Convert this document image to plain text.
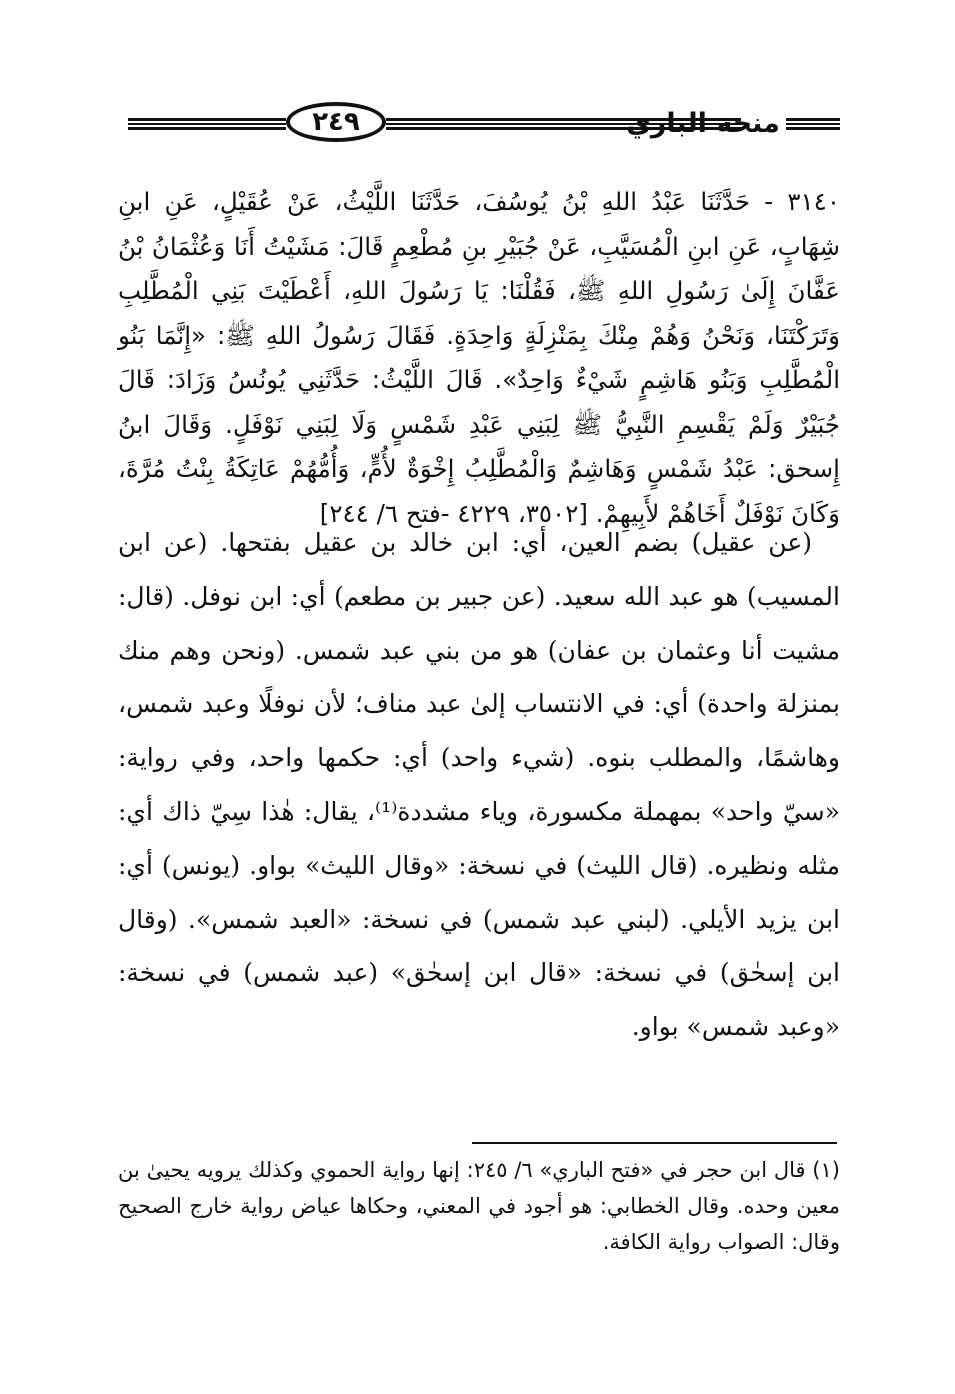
٢٤٩	منحة الباري

٣١٤٠ - حَدَّثَنَا عَبْدُ اللهِ بْنُ يُوسُفَ، حَدَّثَنَا اللَّيْثُ، عَنْ عُقَيْلٍ، عَنِ ابنِ شِهَابٍ، عَنِ ابنِ الْمُسَيَّبِ، عَنْ جُبَيْرِ بنِ مُطْعِمٍ قَالَ: مَشَيْتُ أَنَا وَعُثْمَانُ بْنُ عَفَّانَ إِلَىٰ رَسُولِ اللهِ ﷺ، فَقُلْنَا: يَا رَسُولَ اللهِ، أَعْطَيْتَ بَنِي الْمُطَّلِبِ وَتَرَكْتَنَا، وَنَحْنُ وَهُمْ مِنْكَ بِمَنْزِلَةٍ وَاحِدَةٍ. فَقَالَ رَسُولُ اللهِ ﷺ: «إِنَّمَا بَنُو الْمُطَّلِبِ وَبَنُو هَاشِمٍ شَيْءٌ وَاحِدٌ». قَالَ اللَّيْثُ: حَدَّثَنِي يُونُسُ وَزَادَ: قَالَ جُبَيْرٌ وَلَمْ يَقْسِمِ النَّبِيُّ ﷺ لِبَنِي عَبْدِ شَمْسٍ وَلَا لِبَنِي نَوْفَلٍ. وَقَالَ ابنُ إِسحق: عَبْدُ شَمْسٍ وَهَاشِمٌ وَالْمُطَّلِبُ إِخْوَةٌ لأُمٍّ، وَأُمُّهُمْ عَاتِكَةُ بِنْتُ مُرَّةَ، وَكَانَ نَوْفَلٌ أَخَاهُمْ لأَبِيهِمْ. [٣٥٠٢، ٤٢٢٩ -فتح ٦/ ٢٤٤]

(عن عقيل) بضم العين، أي: ابن خالد بن عقيل بفتحها. (عن ابن المسيب) هو عبد الله سعيد. (عن جبير بن مطعم) أي: ابن نوفل. (قال: مشيت أنا وعثمان بن عفان) هو من بني عبد شمس. (ونحن وهم منك بمنزلة واحدة) أي: في الانتساب إلىٰ عبد مناف؛ لأن نوفلًا وعبد شمس، وهاشمًا، والمطلب بنوه. (شيء واحد) أي: حكمها واحد، وفي رواية: «سيّ واحد» بمهملة مكسورة، وياء مشددة⁽¹⁾، يقال: هٰذا سِيّ ذاك أي: مثله ونظيره. (قال الليث) في نسخة: «وقال الليث» بواو. (يونس) أي: ابن يزيد الأيلي. (لبني عبد شمس) في نسخة: «العبد شمس». (وقال ابن إسحٰق) في نسخة: «قال ابن إسحٰق» (عبد شمس) في نسخة: «وعبد شمس» بواو.

(١) قال ابن حجر في «فتح الباري» ٦/ ٢٤٥: إنها رواية الحموي وكذلك يرويه يحيىٰ بن معين وحده. وقال الخطابي: هو أجود في المعني، وحكاها عياض رواية خارج الصحيح وقال: الصواب رواية الكافة.
